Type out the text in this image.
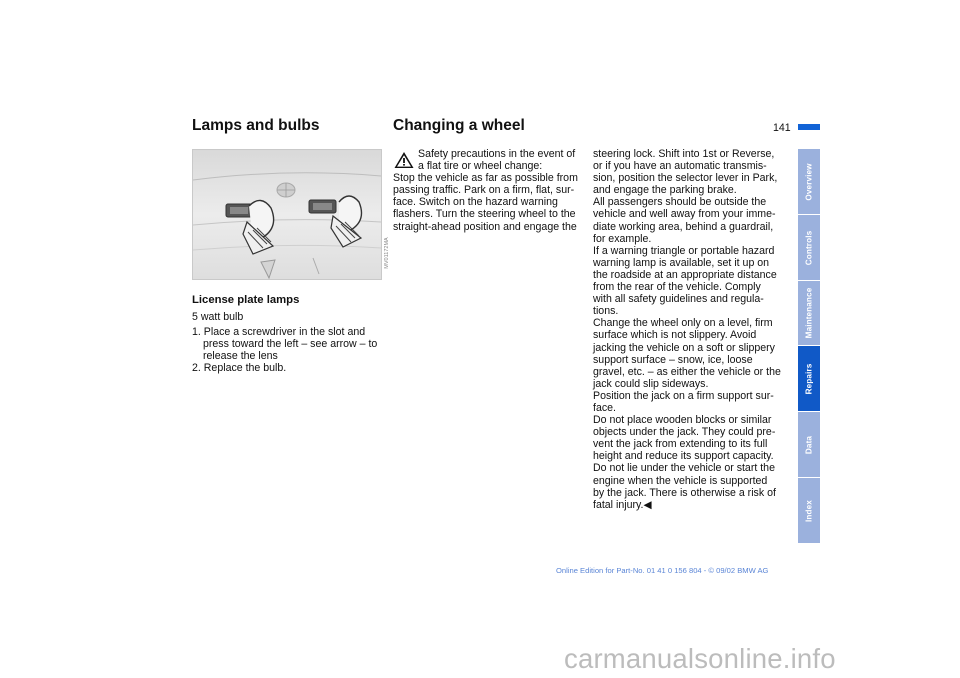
Lamps and bulbs	Changing a wheel	141
MV01172MA
License plate lamps
5 watt bulb
1. Place a screwdriver in the slot and
press toward the left – see arrow – to
release the lens
2. Replace the bulb.
Safety precautions in the event of
a flat tire or wheel change:
Stop the vehicle as far as possible from
passing traffic. Park on a firm, flat, sur-
face. Switch on the hazard warning
flashers. Turn the steering wheel to the
straight-ahead position and engage the
steering lock. Shift into 1st or Reverse,
or if you have an automatic transmis-
sion, position the selector lever in Park,
and engage the parking brake.
All passengers should be outside the
vehicle and well away from your imme-
diate working area, behind a guardrail,
for example.
If a warning triangle or portable hazard
warning lamp is available, set it up on
the roadside at an appropriate distance
from the rear of the vehicle. Comply
with all safety guidelines and regula-
tions.
Change the wheel only on a level, firm
surface which is not slippery. Avoid
jacking the vehicle on a soft or slippery
support surface – snow, ice, loose
gravel, etc. – as either the vehicle or the
jack could slip sideways.
Position the jack on a firm support sur-
face.
Do not place wooden blocks or similar
objects under the jack. They could pre-
vent the jack from extending to its full
height and reduce its support capacity.
Do not lie under the vehicle or start the
engine when the vehicle is supported
by the jack. There is otherwise a risk of
fatal injury.◀
Overview
Controls
Maintenance
Repairs
Data
Index
Online Edition for Part-No. 01 41 0 156 804 - © 09/02 BMW AG
carmanualsonline.info
